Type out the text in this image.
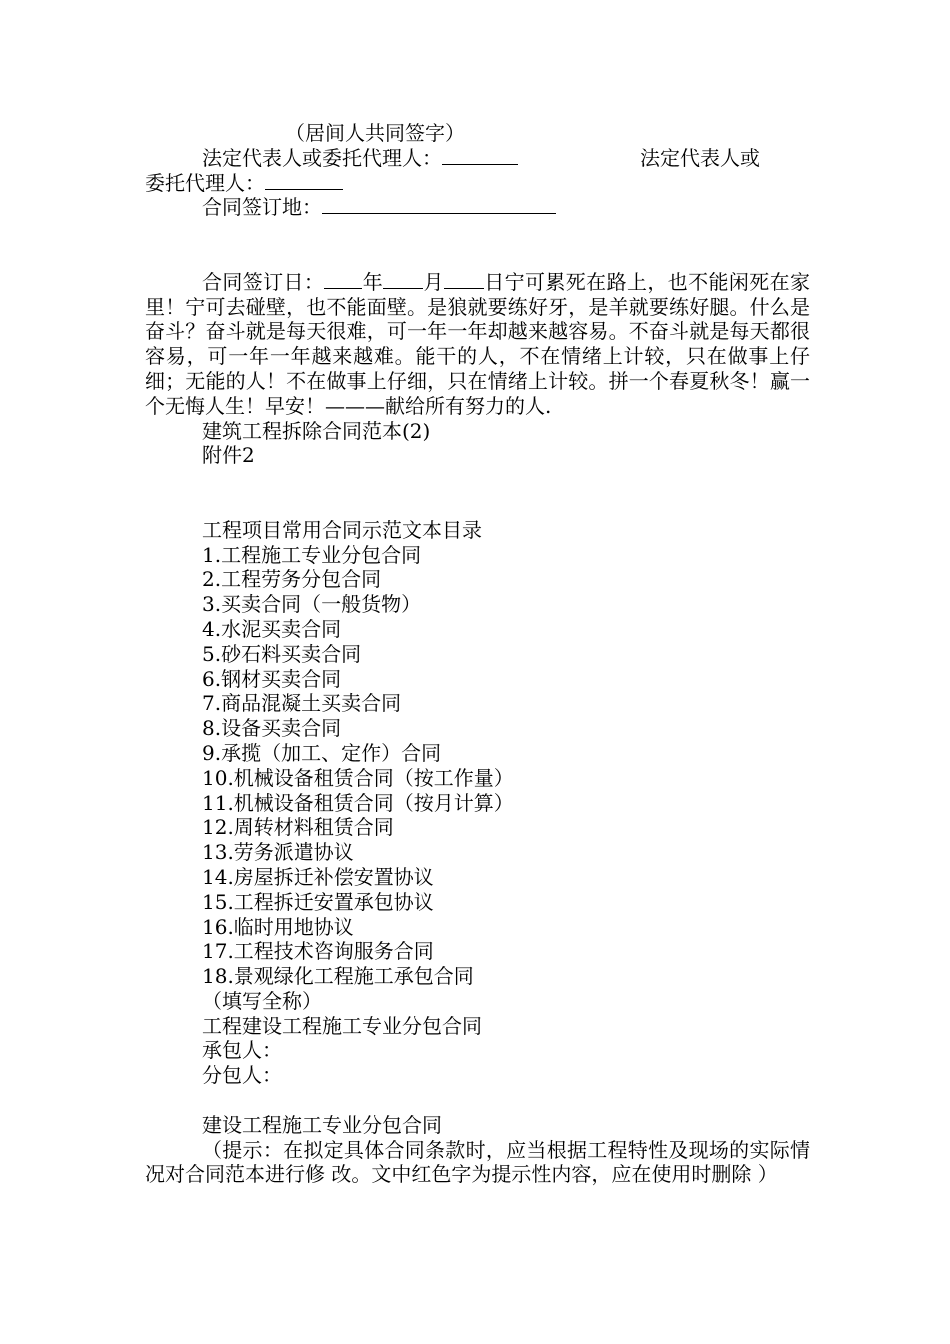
（居间人共同签字）

法定代表人或委托代理人：	法定代表人或
委托代理人：

合同签订地：

合同签订日： 年 月 日宁可累死在路上，也不能闲死在家里！宁可去碰壁，也不能面壁。是狼就要练好牙，是羊就要练好腿。什么是奋斗？奋斗就是每天很难，可一年一年却越来越容易。不奋斗就是每天都很容易，可一年一年越来越难。能干的人，不在情绪上计较，只在做事上仔细；无能的人！不在做事上仔细，只在情绪上计较。拼一个春夏秋冬！赢一个无悔人生！早安！———献给所有努力的人.

建筑工程拆除合同范本(2)

附件2

工程项目常用合同示范文本目录

1.工程施工专业分包合同

2.工程劳务分包合同

3.买卖合同（一般货物）

4.水泥买卖合同

5.砂石料买卖合同

6.钢材买卖合同

7.商品混凝土买卖合同

8.设备买卖合同

9.承揽（加工、定作）合同

10.机械设备租赁合同（按工作量）

11.机械设备租赁合同（按月计算）

12.周转材料租赁合同

13.劳务派遣协议

14.房屋拆迁补偿安置协议

15.工程拆迁安置承包协议

16.临时用地协议

17.工程技术咨询服务合同

18.景观绿化工程施工承包合同

（填写全称）

工程建设工程施工专业分包合同

承包人：

分包人：

建设工程施工专业分包合同

（提示：在拟定具体合同条款时，应当根据工程特性及现场的实际情况对合同范本进行修 改。文中红色字为提示性内容，应在使用时删除 ）
